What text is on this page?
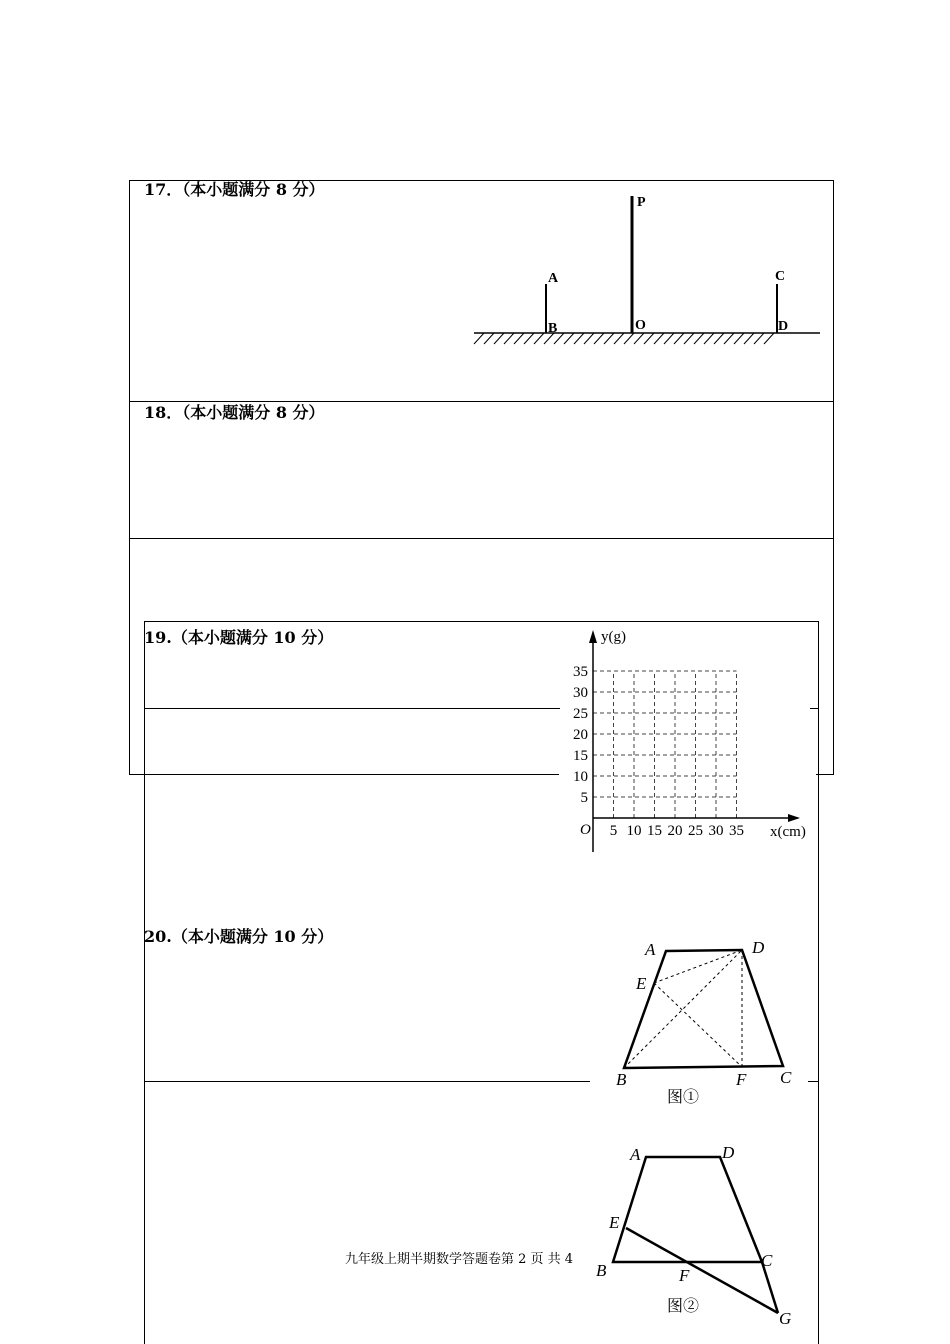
17．（本小题满分 8 分）
18．（本小题满分 8 分）
19.（本小题满分 10 分）
20.（本小题满分 10 分）
P
A
B	O
C
D
5 10 15 20 25 30 35
5
10
15
20
25
30
35
O	x(cm)
y(g)
A	D
E
B	F C
图①
A	D
E
B	F
C
G
图②
九年级上期半期数学答题卷第 2 页 共 4
